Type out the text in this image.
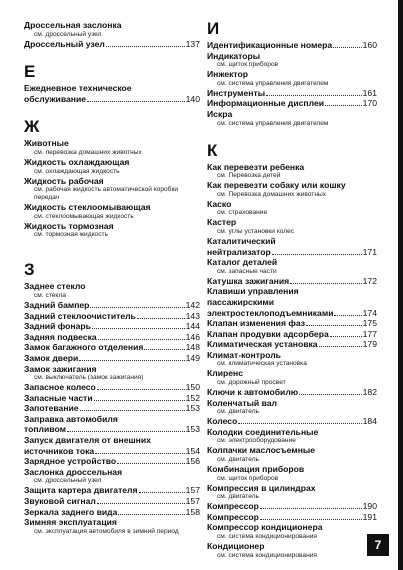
Дроссельная заслонка
см. дроссельный узел
Дроссельный узел	137
Е
Ежедневное техническое
обслуживание	140
Ж
Животные
см. перевозка домашних животных
Жидкость охлаждающая
см. охлаждающая жидкость
Жидкость рабочая
см. рабочая жидкость автоматической коробки передач
Жидкость стеклоомывающая
см. стеклоомывающая жидкость
Жидкость тормозная
см. тормозная жидкость
З
Заднее стекло
см. стекла
Задний бампер	142
Задний стеклоочиститель	143
Задний фонарь	144
Задняя подвеска	146
Замок багажного отделения	148
Замок двери	149
Замок зажигания
см. выключатель (замок зажигания)
Запасное колесо	150
Запасные части	152
Запотевание	153
Заправка автомобиля
топливом	153
Запуск двигателя от внешних
источников тока	154
Зарядное устройство	156
Заслонка дроссельная
см. дроссельный узел
Защита картера двигателя	157
Звуковой сигнал	157
Зеркала заднего вида	158
Зимняя эксплуатация
см. эксплуатация автомобиля в зимний период
И
Идентификационные номера	160
Индикаторы
см. щиток приборов
Инжектор
см. система управления двигателем
Инструменты	161
Информационные дисплеи	170
Искра
см. система управления двигателем
К
Как перевезти ребенка
см. Перевозка детей
Как перевезти собаку или кошку
см. Перевозка домашних животных
Каско
см. страхование
Кастер
см. углы установки колес
Каталитический
нейтрализатор	171
Каталог деталей
см. запасные части
Катушка зажигания	172
Клавиши управления
пассажирскими
электростеклоподъемниками	174
Клапан изменения фаз	175
Клапан продувки адсорбера	177
Климатическая установка	179
Климат-контроль
см. климатическая установка
Клиренс
см. дорожный просвет
Ключи к автомобилю	182
Коленчатый вал
см. двигатель
Колесо	184
Колодки соединительные
см. электрооборудование
Колпачки маслосъемные
см. двигатель
Комбинация приборов
см. щиток приборов
Компрессия в цилиндрах
см. двигатель
Компрессор	190
Компрессор	191
Компрессор кондиционера
см. система кондиционирования
Кондиционер
см. система кондиционирования
7
